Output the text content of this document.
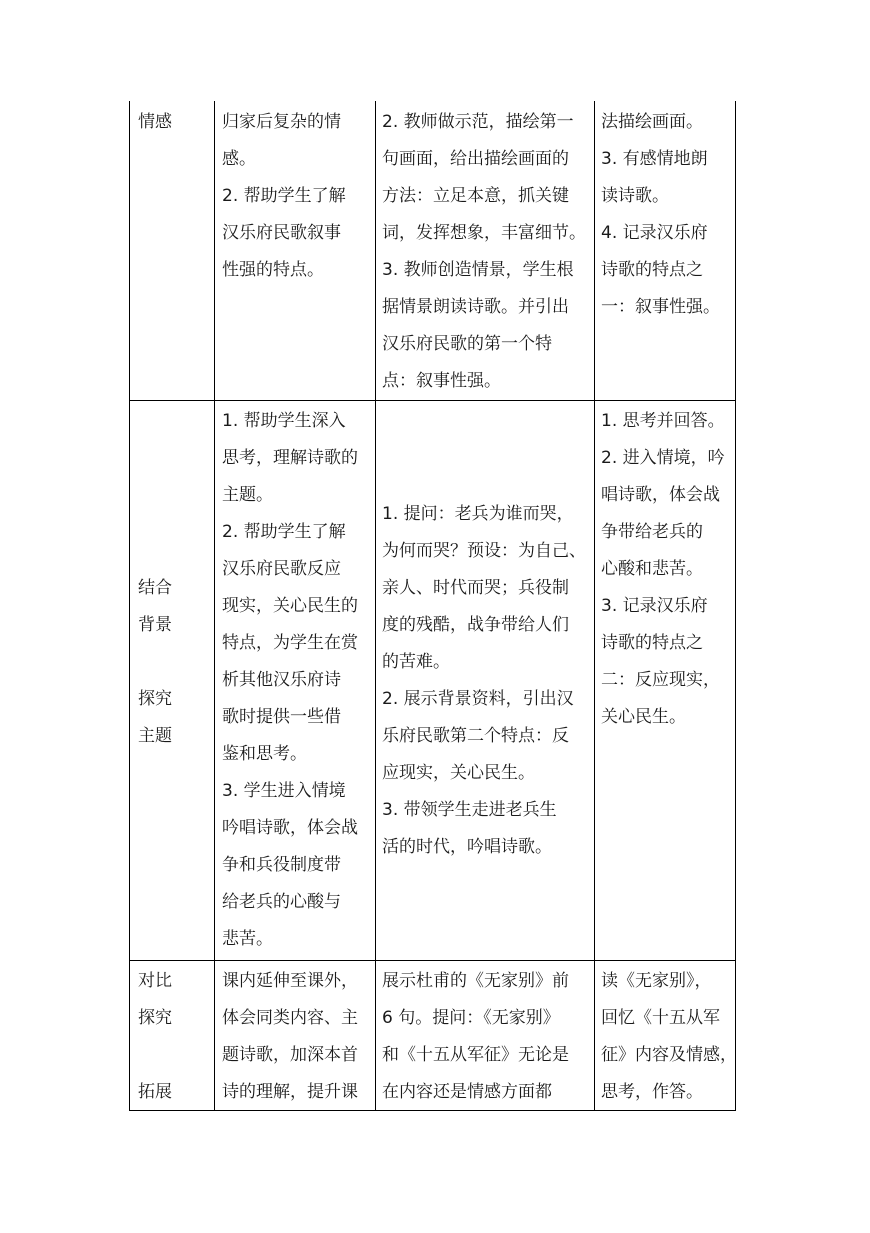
情感	归家后复杂的情
感。
2. 帮助学生了解
汉乐府民歌叙事
性强的特点。
2. 教师做示范，描绘第一
句画面，给出描绘画面的
方法：立足本意，抓关键
词，发挥想象，丰富细节。
3. 教师创造情景，学生根
据情景朗读诗歌。并引出
汉乐府民歌的第一个特
点：叙事性强。
法描绘画面。
3. 有感情地朗
读诗歌。
4. 记录汉乐府
诗歌的特点之
一：叙事性强。
结合
背景

探究
主题
1. 帮助学生深入
思考，理解诗歌的
主题。
2. 帮助学生了解
汉乐府民歌反应
现实，关心民生的
特点，为学生在赏
析其他汉乐府诗
歌时提供一些借
鉴和思考。
3. 学生进入情境
吟唱诗歌，体会战
争和兵役制度带
给老兵的心酸与
悲苦。
1. 提问：老兵为谁而哭，
为何而哭？预设：为自己、
亲人、时代而哭；兵役制
度的残酷，战争带给人们
的苦难。
2. 展示背景资料，引出汉
乐府民歌第二个特点：反
应现实，关心民生。
3. 带领学生走进老兵生
活的时代，吟唱诗歌。
1. 思考并回答。
2. 进入情境，吟
唱诗歌，体会战
争带给老兵的
心酸和悲苦。
3. 记录汉乐府
诗歌的特点之
二：反应现实，
关心民生。
对比
探究

拓展
课内延伸至课外，
体会同类内容、主
题诗歌，加深本首
诗的理解，提升课
展示杜甫的《无家别》前
6 句。提问：《无家别》
和《十五从军征》无论是
在内容还是情感方面都
读《无家别》，
回忆《十五从军
征》内容及情感，
思考，作答。
